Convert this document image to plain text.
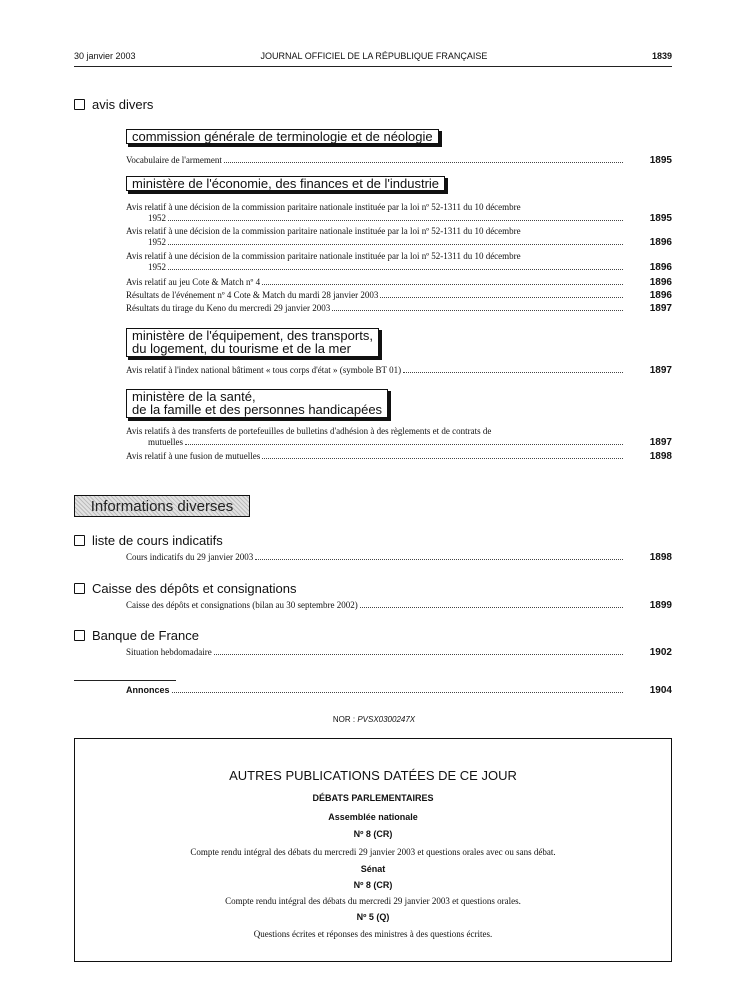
30 janvier 2003	JOURNAL OFFICIEL DE LA RÉPUBLIQUE FRANÇAISE	1839
avis divers
commission générale de terminologie et de néologie
Vocabulaire de l'armement	1895
ministère de l'économie, des finances et de l'industrie
Avis relatif à une décision de la commission paritaire nationale instituée par la loi nº 52-1311 du 10 décembre
1952	1895
Avis relatif à une décision de la commission paritaire nationale instituée par la loi nº 52-1311 du 10 décembre
1952	1896
Avis relatif à une décision de la commission paritaire nationale instituée par la loi nº 52-1311 du 10 décembre
1952	1896
Avis relatif au jeu Cote & Match nº 4	1896
Résultats de l'événement nº 4 Cote & Match du mardi 28 janvier 2003	1896
Résultats du tirage du Keno du mercredi 29 janvier 2003	1897
ministère de l'équipement, des transports,
du logement, du tourisme et de la mer
Avis relatif à l'index national bâtiment « tous corps d'état » (symbole BT 01)	1897
ministère de la santé,
de la famille et des personnes handicapées
Avis relatifs à des transferts de portefeuilles de bulletins d'adhésion à des règlements et de contrats de
mutuelles	1897
Avis relatif à une fusion de mutuelles	1898
Informations diverses
liste de cours indicatifs
Cours indicatifs du 29 janvier 2003	1898
Caisse des dépôts et consignations
Caisse des dépôts et consignations (bilan au 30 septembre 2002)	1899
Banque de France
Situation hebdomadaire	1902
Annonces	1904
NOR : PVSX0300247X
AUTRES PUBLICATIONS DATÉES DE CE JOUR
DÉBATS PARLEMENTAIRES
Assemblée nationale
Nº 8 (CR)
Compte rendu intégral des débats du mercredi 29 janvier 2003 et questions orales avec ou sans débat.
Sénat
Nº 8 (CR)
Compte rendu intégral des débats du mercredi 29 janvier 2003 et questions orales.
Nº 5 (Q)
Questions écrites et réponses des ministres à des questions écrites.
